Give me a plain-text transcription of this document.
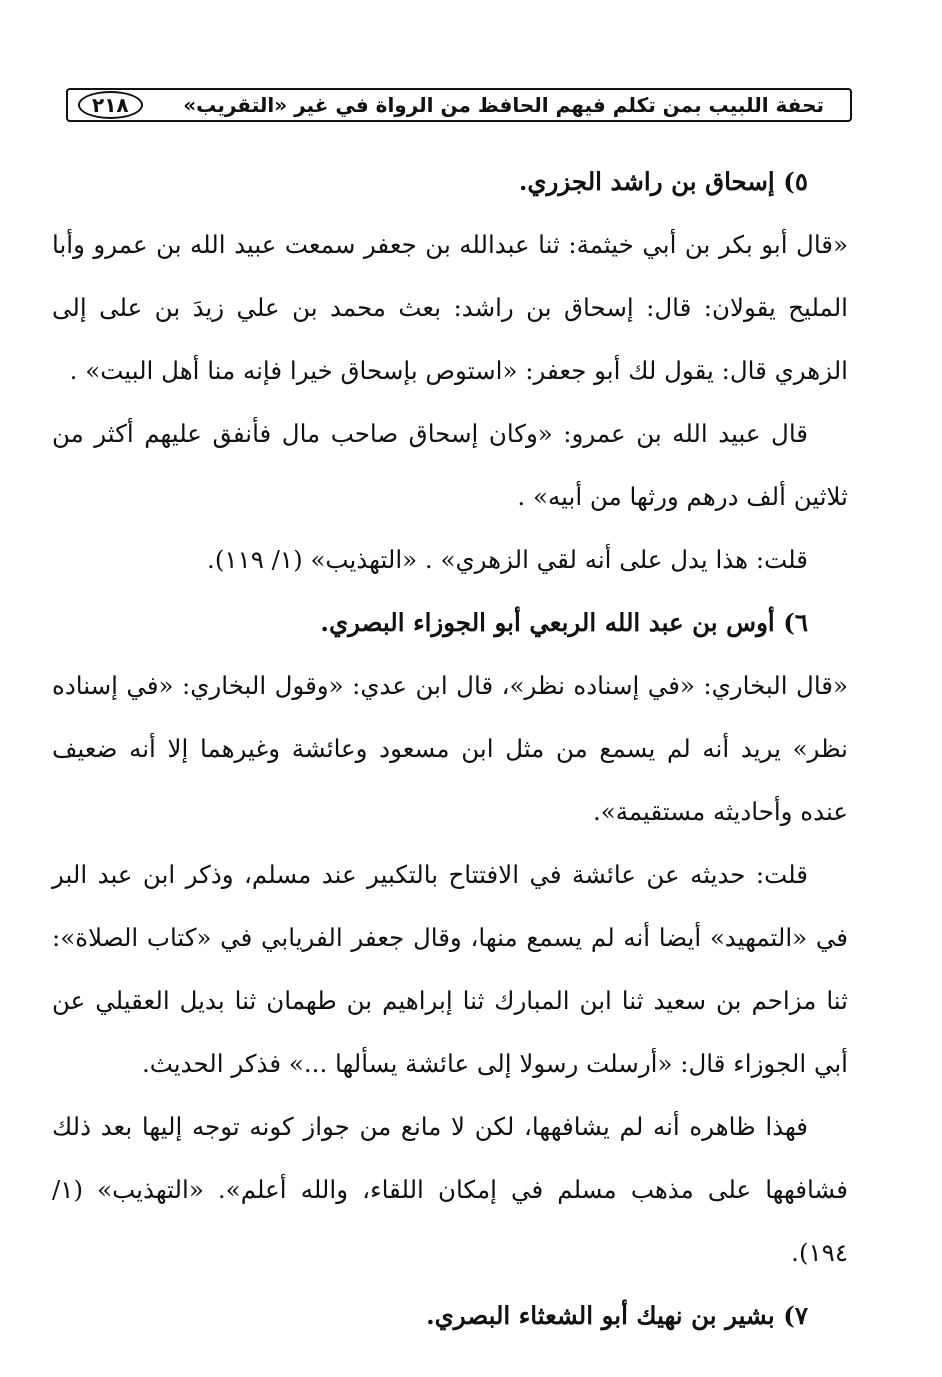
تحفة اللبيب بمن تكلم فيهم الحافظ من الرواة في غير «التقريب»
٢١٨

٥) إسحاق بن راشد الجزري.

«قال أبو بكر بن أبي خيثمة: ثنا عبدالله بن جعفر سمعت عبيد الله بن عمرو وأبا المليح يقولان: قال: إسحاق بن راشد: بعث محمد بن علي زيدَ بن على إلى الزهري قال: يقول لك أبو جعفر: «استوص بإسحاق خيرا فإنه منا أهل البيت» .

قال عبيد الله بن عمرو: «وكان إسحاق صاحب مال فأنفق عليهم أكثر من ثلاثين ألف درهم ورثها من أبيه» .

قلت: هذا يدل على أنه لقي الزهري» . «التهذيب» (١/ ١١٩).

٦) أوس بن عبد الله الربعي أبو الجوزاء البصري.

«قال البخاري: «في إسناده نظر»، قال ابن عدي: «وقول البخاري: «في إسناده نظر» يريد أنه لم يسمع من مثل ابن مسعود وعائشة وغيرهما إلا أنه ضعيف عنده وأحاديثه مستقيمة».

قلت: حديثه عن عائشة في الافتتاح بالتكبير عند مسلم، وذكر ابن عبد البر في «التمهيد» أيضا أنه لم يسمع منها، وقال جعفر الفريابي في «كتاب الصلاة»: ثنا مزاحم بن سعيد ثنا ابن المبارك ثنا إبراهيم بن طهمان ثنا بديل العقيلي عن أبي الجوزاء قال: «أرسلت رسولا إلى عائشة يسألها ...» فذكر الحديث.

فهذا ظاهره أنه لم يشافهها، لكن لا مانع من جواز كونه توجه إليها بعد ذلك فشافهها على مذهب مسلم في إمكان اللقاء، والله أعلم». «التهذيب» (١/ ١٩٤).

٧) بشير بن نهيك أبو الشعثاء البصري.
